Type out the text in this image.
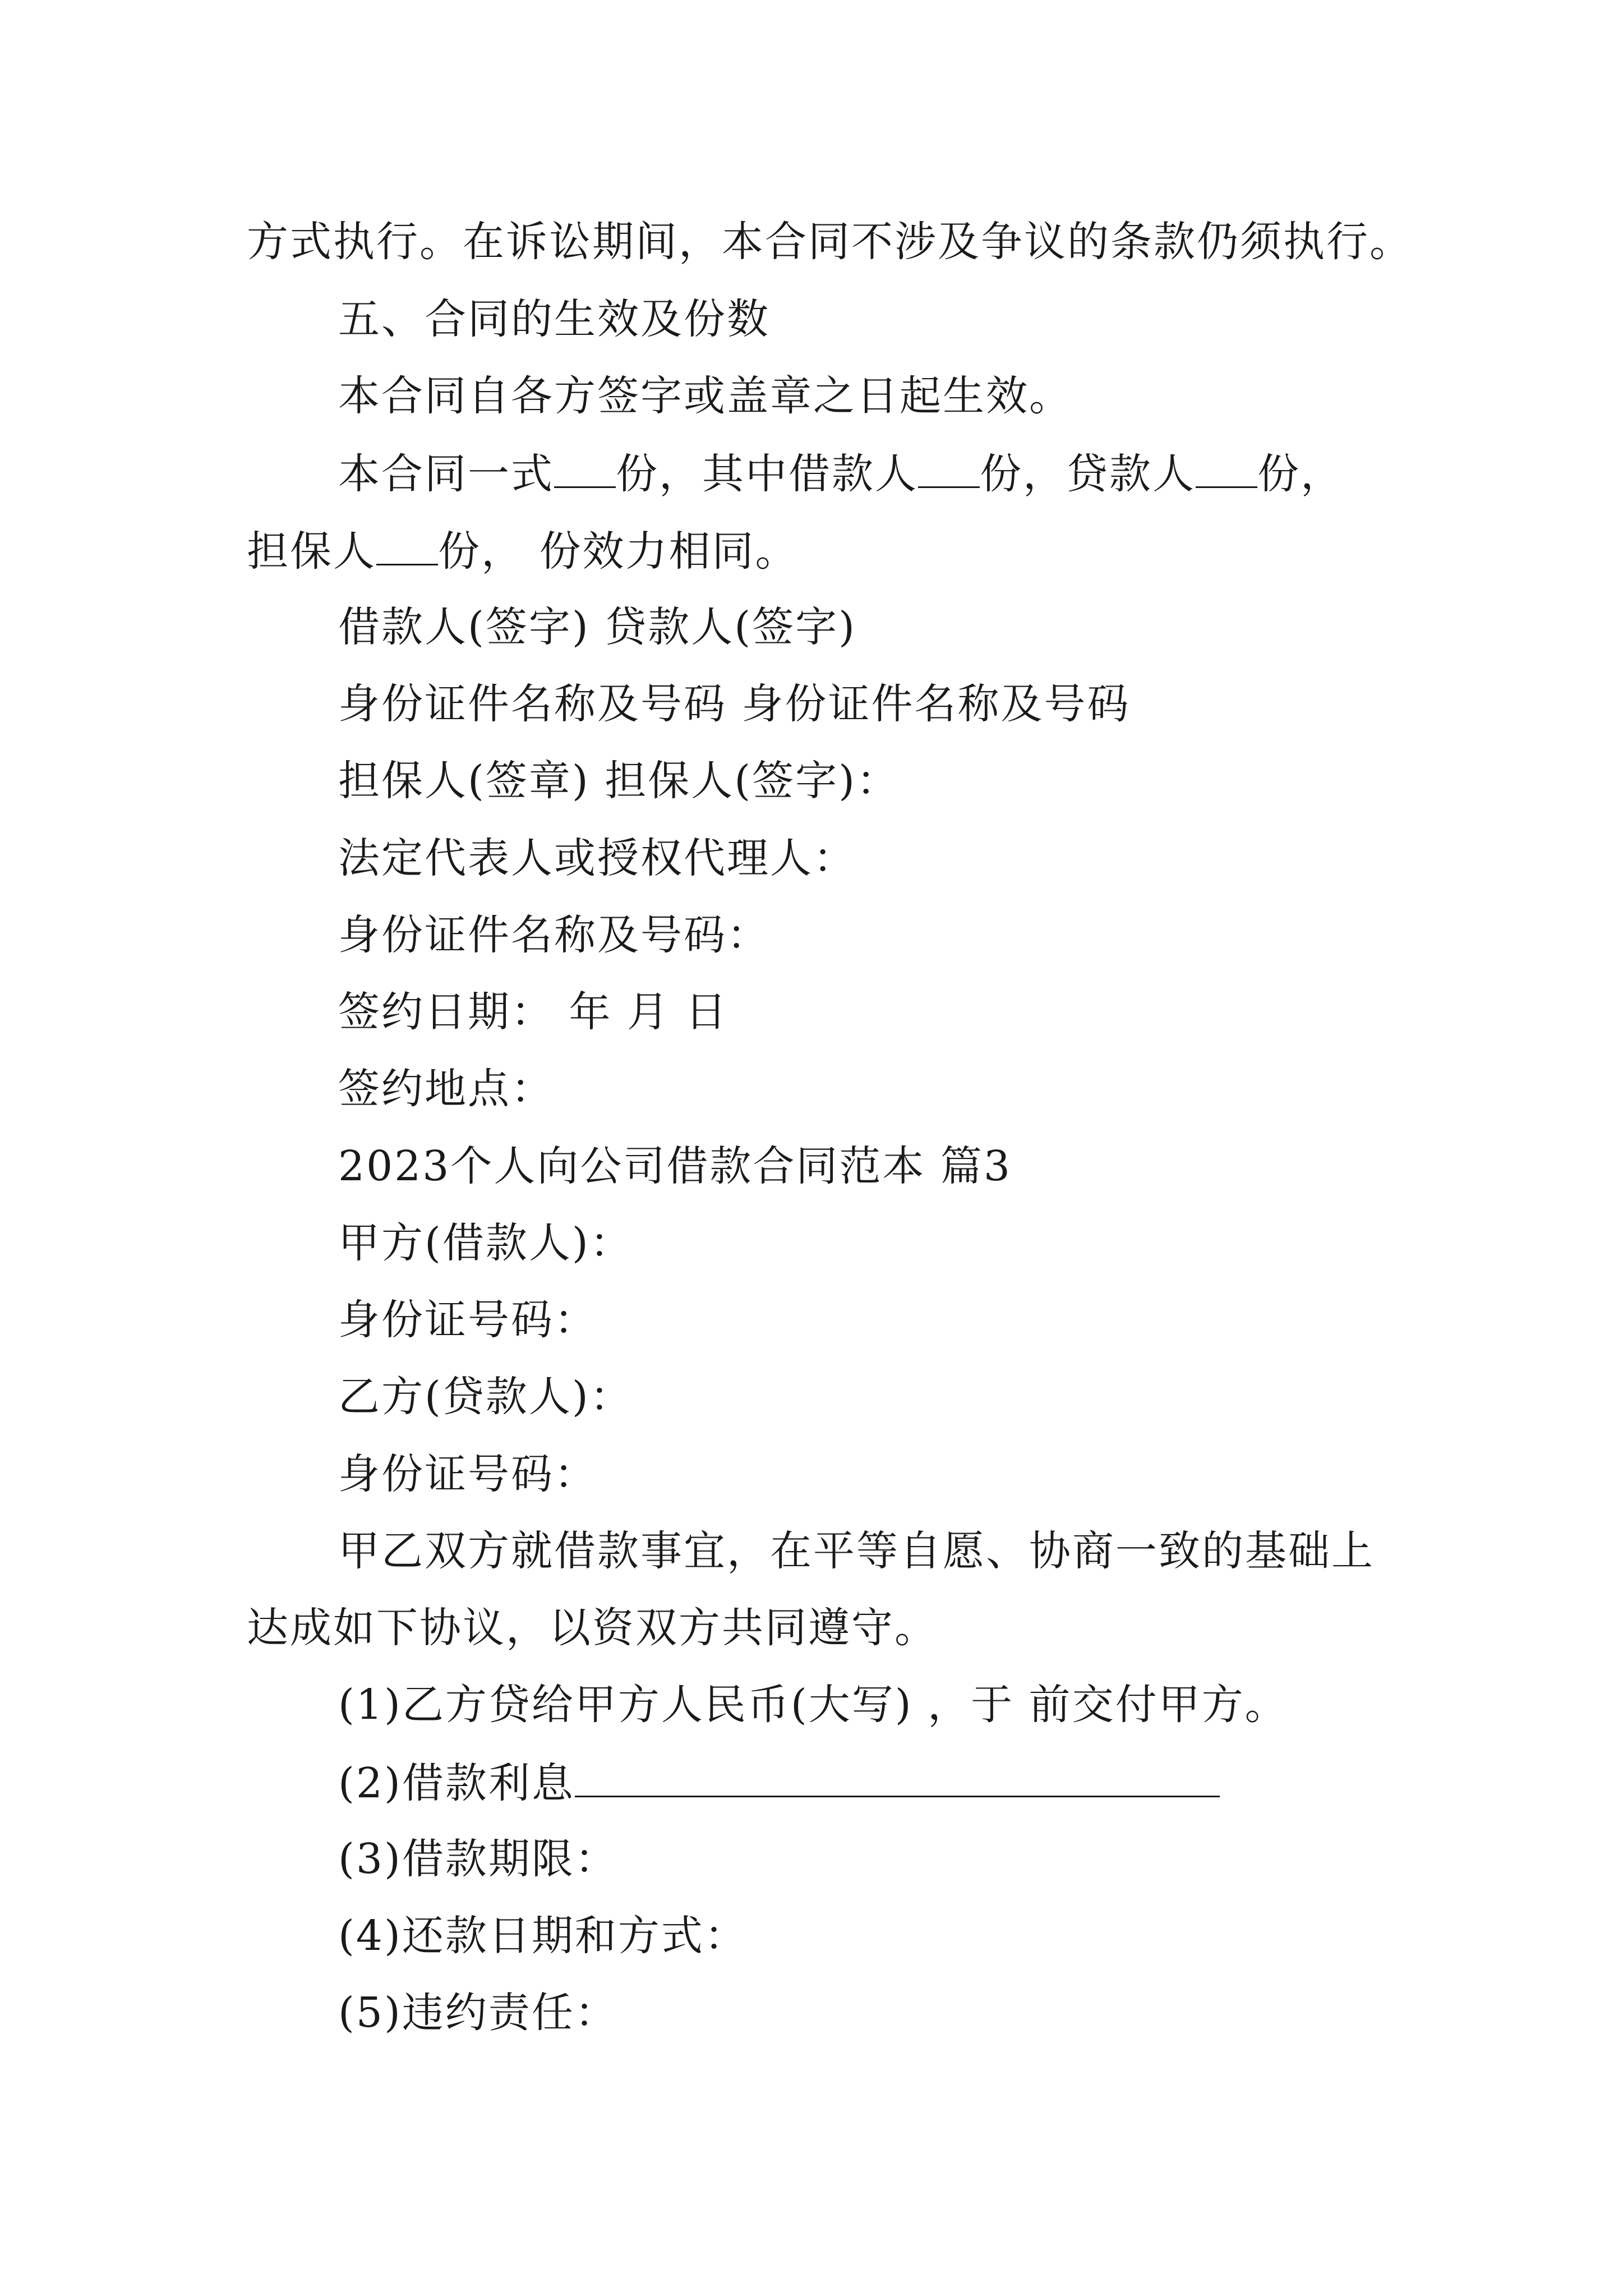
方式执行。在诉讼期间，本合同不涉及争议的条款仍须执行。
五、合同的生效及份数
本合同自各方签字或盖章之日起生效。
本合同一式 份，其中借款人 份，贷款人 份，
担保人 份， 份效力相同。
借款人(签字) 贷款人(签字)
身份证件名称及号码 身份证件名称及号码
担保人(签章) 担保人(签字)：
法定代表人或授权代理人：
身份证件名称及号码：
签约日期： 年 月 日
签约地点：
2023个人向公司借款合同范本 篇3
甲方(借款人)：
身份证号码：
乙方(贷款人)：
身份证号码：
甲乙双方就借款事宜，在平等自愿、协商一致的基础上
达成如下协议，以资双方共同遵守。
(1)乙方贷给甲方人民币(大写) ，于 前交付甲方。
(2)借款利息
(3)借款期限：
(4)还款日期和方式：
(5)违约责任：
